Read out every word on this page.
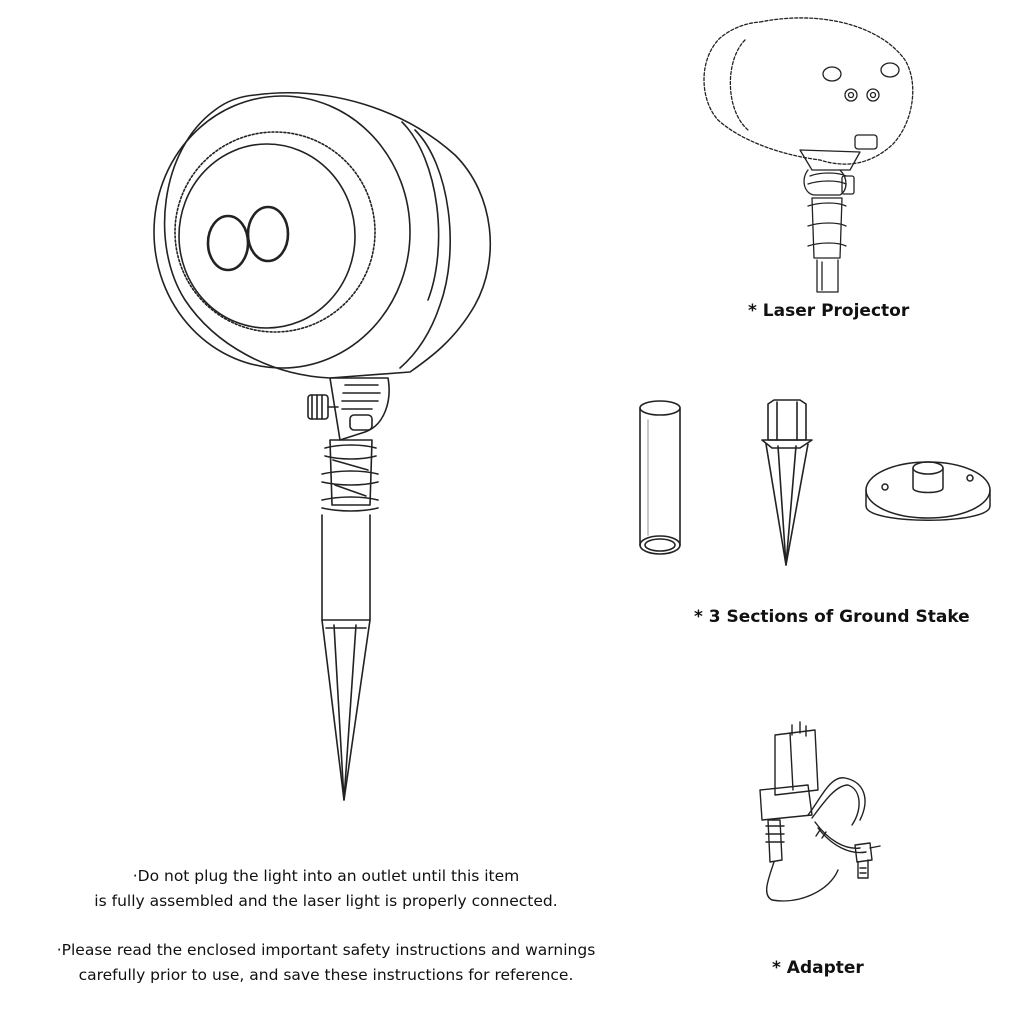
* Laser Projector
* 3 Sections of Ground Stake
* Adapter
·Do not plug the light into an outlet until this item
is fully assembled and the laser light is properly connected.
·Please read the enclosed important safety instructions and warnings
carefully prior to use, and save these instructions for reference.
